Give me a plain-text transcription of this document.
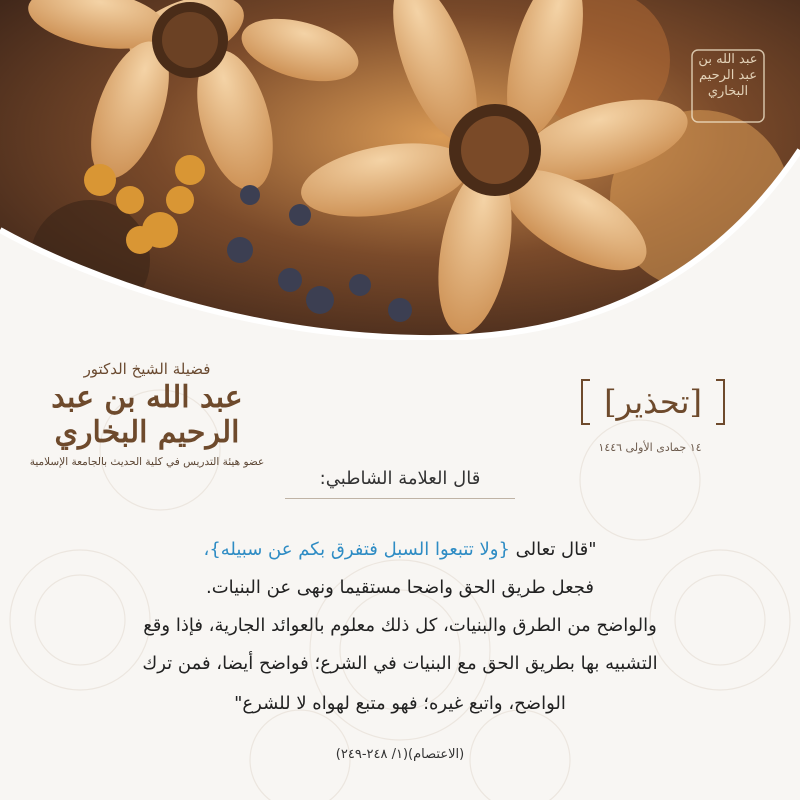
عبد الله بن عبد الرحيم البخاري
فضيلة الشيخ الدكتور
عبد الله بن عبد الرحيم البخاري
عضو هيئة التدريس في كلية الحديث بالجامعة الإسلامية
[تحذير]
١٤ جمادى الأولى ١٤٤٦
قال العلامة الشاطبي:
"قال تعالى {ولا تتبعوا السبل فتفرق بكم عن سبيله}،
فجعل طريق الحق واضحا مستقيما ونهى عن البنيات.
والواضح من الطرق والبنيات، كل ذلك معلوم بالعوائد الجارية، فإذا وقع
التشبيه بها بطريق الحق مع البنيات في الشرع؛ فواضح أيضا، فمن ترك
الواضح، واتبع غيره؛ فهو متبع لهواه لا للشرع"
(الاعتصام)(١/ ٢٤٨-٢٤٩)
